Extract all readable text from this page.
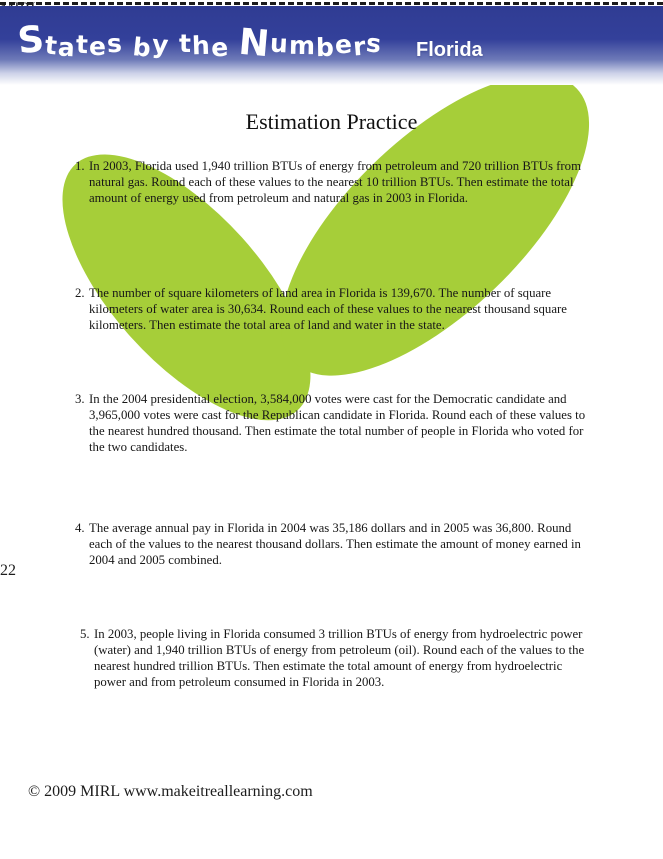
States by the Numbers	Florida
Estimation Practice
1. In 2003, Florida used 1,940 trillion BTUs of energy from petroleum and 720 trillion BTUs from natural gas. Round each of these values to the nearest 10 trillion BTUs. Then estimate the total amount of energy used from petroleum and natural gas in 2003 in Florida.
2. The number of square kilometers of land area in Florida is 139,670. The number of square kilometers of water area is 30,634. Round each of these values to the nearest thousand square kilometers. Then estimate the total area of land and water in the state.
3. In the 2004 presidential election, 3,584,000 votes were cast for the Democratic candidate and 3,965,000 votes were cast for the Republican candidate in Florida. Round each of these values to the nearest hundred thousand. Then estimate the total number of people in Florida who voted for the two candidates.
4. The average annual pay in Florida in 2004 was 35,186 dollars and in 2005 was 36,800. Round each of the values to the nearest thousand dollars. Then estimate the amount of money earned in 2004 and 2005 combined.
5. In 2003, people living in Florida consumed 3 trillion BTUs of energy from hydroelectric power (water) and 1,940 trillion BTUs of energy from petroleum (oil). Round each of the values to the nearest hundred trillion BTUs. Then estimate the total amount of energy from hydroelectric power and from petroleum consumed in Florida in 2003.
© 2009 MIRL www.makeitreallearning.com
22
